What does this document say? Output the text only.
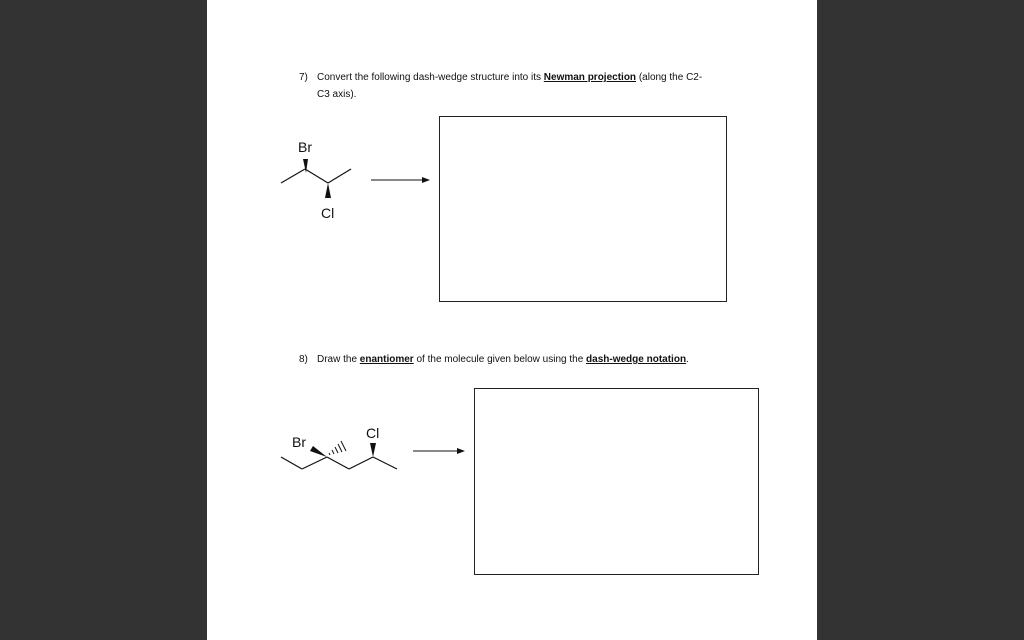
7) Convert the following dash-wedge structure into its Newman projection (along the C2-
C3 axis).
Br
Cl
8) Draw the enantiomer of the molecule given below using the dash-wedge notation.
Br
Cl
